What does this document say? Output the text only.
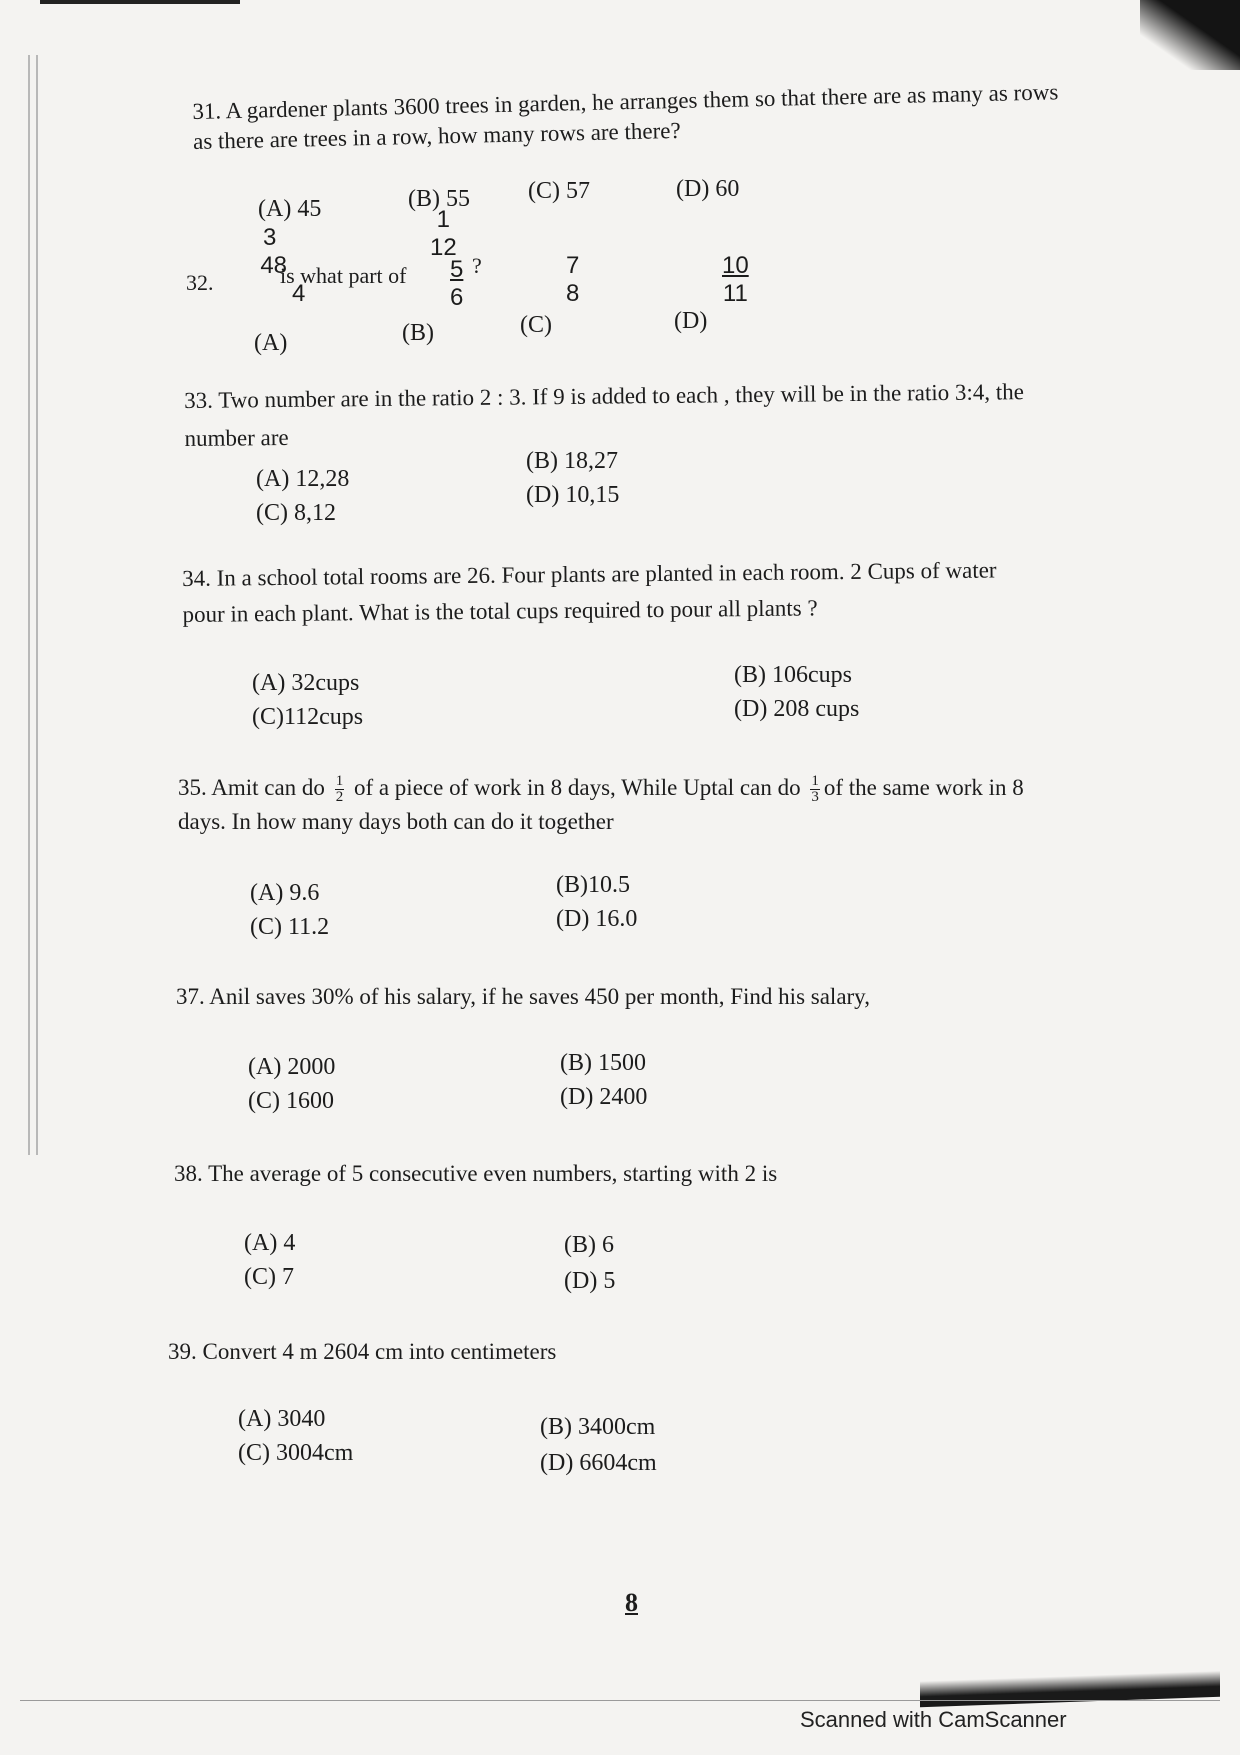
31. A gardener plants 3600 trees in garden, he arranges them so that there are as many as rows
as there are trees in a row, how many rows are there?
(A) 45	(B) 55 (C) 57	(D) 60
32.
3
48
4
is what part of
1
12
?
$\frac{5}{6}$	7
8	$\frac{10}{11}$
(A)	(B)	(C)	(D)
33. Two number are in the ratio 2 : 3. If 9 is added to each , they will be in the ratio 3:4, the
number are
(A) 12,28
(B) 18,27
(C) 8,12
(D) 10,15
34. In a school total rooms are 26. Four plants are planted in each room. 2 Cups of water
pour in each plant. What is the total cups required to pour all plants ?
(A) 32cups	(B) 106cups
(C)112cups	(D) 208 cups
35. Amit can do $\frac{1}{2}$ of a piece of work in 8 days, While Uptal can do $\frac{1}{3}$ of the same work in 8
days. In how many days both can do it together
(A) 9.6	(B)10.5
(C) 11.2	(D) 16.0
37. Anil saves 30% of his salary, if he saves 450 per month, Find his salary,
(A) 2000	(B) 1500
(C) 1600	(D) 2400
38. The average of 5 consecutive even numbers, starting with 2 is
(A) 4	(B) 6
(C) 7	(D) 5
39. Convert 4 m 2604 cm into centimeters
(A) 3040	(B) 3400cm
(C) 3004cm	(D) 6604cm
8
Scanned with CamScanner
